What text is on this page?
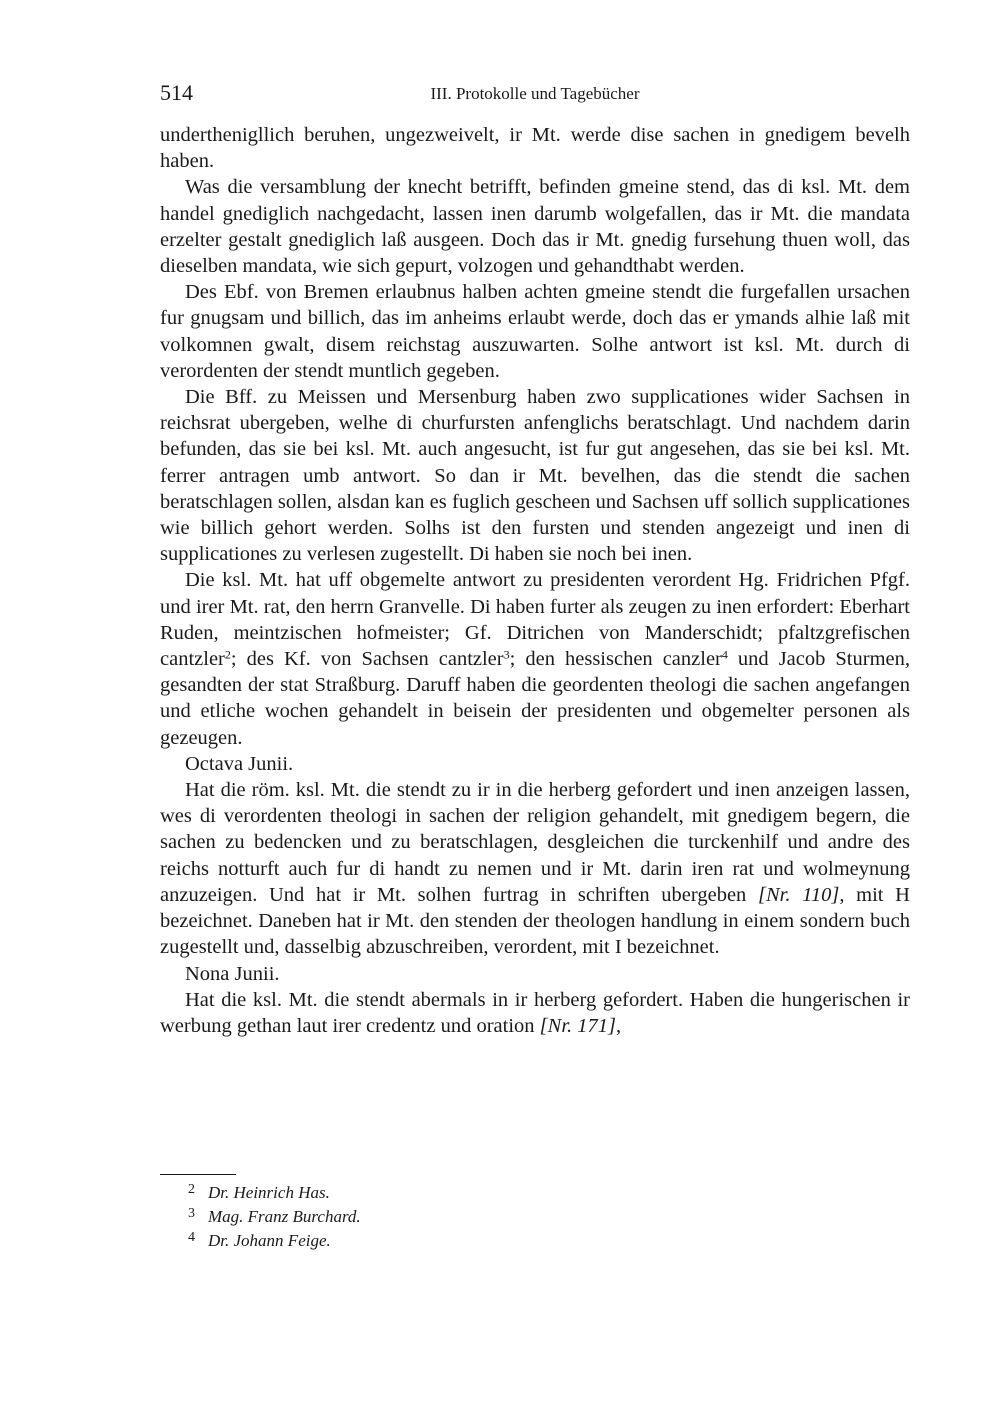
514	III. Protokolle und Tagebücher

underthenigllich beruhen, ungezweivelt, ir Mt. werde dise sachen in gnedigem bevelh haben.

Was die versamblung der knecht betrifft, befinden gmeine stend, das di ksl. Mt. dem handel gnediglich nachgedacht, lassen inen darumb wolgefallen, das ir Mt. die mandata erzelter gestalt gnediglich laß ausgeen. Doch das ir Mt. gnedig fursehung thuen woll, das dieselben mandata, wie sich gepurt, volzogen und gehandthabt werden.

Des Ebf. von Bremen erlaubnus halben achten gmeine stendt die furgefallen ursachen fur gnugsam und billich, das im anheims erlaubt werde, doch das er ymands alhie laß mit volkomnen gwalt, disem reichstag auszuwarten. Solhe antwort ist ksl. Mt. durch di verordenten der stendt muntlich gegeben.

Die Bff. zu Meissen und Mersenburg haben zwo supplicationes wider Sachsen in reichsrat ubergeben, welhe di churfursten anfenglichs beratschlagt. Und nachdem darin befunden, das sie bei ksl. Mt. auch angesucht, ist fur gut angesehen, das sie bei ksl. Mt. ferrer antragen umb antwort. So dan ir Mt. bevelhen, das die stendt die sachen beratschlagen sollen, alsdan kan es fuglich gescheen und Sachsen uff sollich supplicationes wie billich gehort werden. Solhs ist den fursten und stenden angezeigt und inen di supplicationes zu verlesen zugestellt. Di haben sie noch bei inen.

Die ksl. Mt. hat uff obgemelte antwort zu presidenten verordent Hg. Fridrichen Pfgf. und irer Mt. rat, den herrn Granvelle. Di haben furter als zeugen zu inen erfordert: Eberhart Ruden, meintzischen hofmeister; Gf. Ditrichen von Manderschidt; pfaltzgrefischen cantzler$^2$; des Kf. von Sachsen cantzler$^3$; den hessischen canzler$^4$ und Jacob Sturmen, gesandten der stat Straßburg. Daruff haben die geordenten theologi die sachen angefangen und etliche wochen gehandelt in beisein der presidenten und obgemelter personen als gezeugen.

Octava Junii.

Hat die röm. ksl. Mt. die stendt zu ir in die herberg gefordert und inen anzeigen lassen, wes di verordenten theologi in sachen der religion gehandelt, mit gnedigem begern, die sachen zu bedencken und zu beratschlagen, desgleichen die turckenhilf und andre des reichs notturft auch fur di handt zu nemen und ir Mt. darin iren rat und wolmeynung anzuzeigen. Und hat ir Mt. solhen furtrag in schriften ubergeben [Nr. 110], mit H bezeichnet. Daneben hat ir Mt. den stenden der theologen handlung in einem sondern buch zugestellt und, dasselbig abzuschreiben, verordent, mit I bezeichnet.

Nona Junii.

Hat die ksl. Mt. die stendt abermals in ir herberg gefordert. Haben die hungerischen ir werbung gethan laut irer credentz und oration [Nr. 171],

2 Dr. Heinrich Has.
3 Mag. Franz Burchard.
4 Dr. Johann Feige.
